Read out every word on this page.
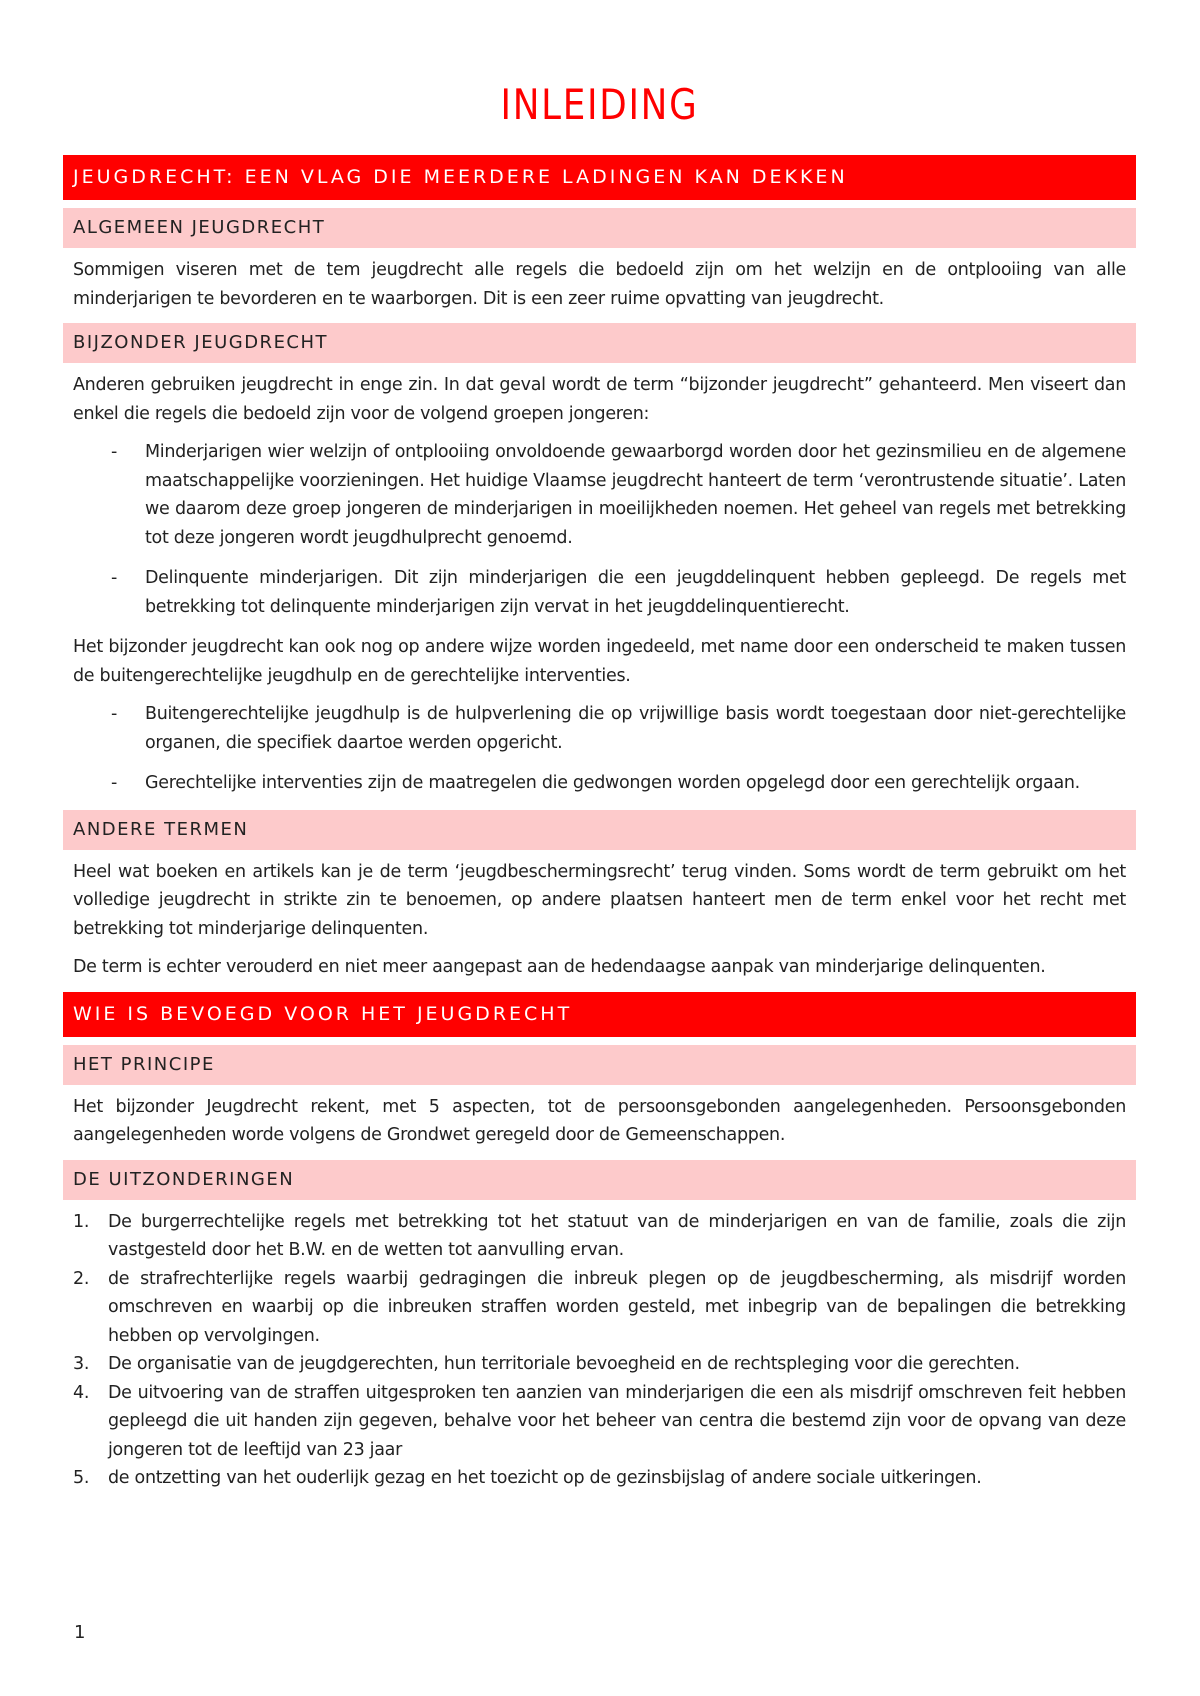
INLEIDING
JEUGDRECHT: EEN VLAG DIE MEERDERE LADINGEN KAN DEKKEN
ALGEMEEN JEUGDRECHT

Sommigen viseren met de tem jeugdrecht alle regels die bedoeld zijn om het welzijn en de ontplooiing van alle minderjarigen te bevorderen en te waarborgen. Dit is een zeer ruime opvatting van jeugdrecht.

BIJZONDER JEUGDRECHT

Anderen gebruiken jeugdrecht in enge zin. In dat geval wordt de term “bijzonder jeugdrecht” gehanteerd. Men viseert dan enkel die regels die bedoeld zijn voor de volgend groepen jongeren:

- Minderjarigen wier welzijn of ontplooiing onvoldoende gewaarborgd worden door het gezinsmilieu en de algemene maatschappelijke voorzieningen. Het huidige Vlaamse jeugdrecht hanteert de term ‘verontrustende situatie’. Laten we daarom deze groep jongeren de minderjarigen in moeilijkheden noemen. Het geheel van regels met betrekking tot deze jongeren wordt jeugdhulprecht genoemd.
- Delinquente minderjarigen. Dit zijn minderjarigen die een jeugddelinquent hebben gepleegd. De regels met betrekking tot delinquente minderjarigen zijn vervat in het jeugddelinquentierecht.

Het bijzonder jeugdrecht kan ook nog op andere wijze worden ingedeeld, met name door een onderscheid te maken tussen de buitengerechtelijke jeugdhulp en de gerechtelijke interventies.

- Buitengerechtelijke jeugdhulp is de hulpverlening die op vrijwillige basis wordt toegestaan door niet-gerechtelijke organen, die specifiek daartoe werden opgericht.
- Gerechtelijke interventies zijn de maatregelen die gedwongen worden opgelegd door een gerechtelijk orgaan.
ANDERE TERMEN

Heel wat boeken en artikels kan je de term ‘jeugdbeschermingsrecht’ terug vinden. Soms wordt de term gebruikt om het volledige jeugdrecht in strikte zin te benoemen, op andere plaatsen hanteert men de term enkel voor het recht met betrekking tot minderjarige delinquenten.

De term is echter verouderd en niet meer aangepast aan de hedendaagse aanpak van minderjarige delinquenten.

WIE IS BEVOEGD VOOR HET JEUGDRECHT
HET PRINCIPE

Het bijzonder Jeugdrecht rekent, met 5 aspecten, tot de persoonsgebonden aangelegenheden. Persoonsgebonden aangelegenheden worde volgens de Grondwet geregeld door de Gemeenschappen.

DE UITZONDERINGEN
1. De burgerrechtelijke regels met betrekking tot het statuut van de minderjarigen en van de familie, zoals die zijn vastgesteld door het B.W. en de wetten tot aanvulling ervan.
2. de strafrechterlijke regels waarbij gedragingen die inbreuk plegen op de jeugdbescherming, als misdrijf worden omschreven en waarbij op die inbreuken straffen worden gesteld, met inbegrip van de bepalingen die betrekking hebben op vervolgingen.
3. De organisatie van de jeugdgerechten, hun territoriale bevoegheid en de rechtspleging voor die gerechten.
4. De uitvoering van de straffen uitgesproken ten aanzien van minderjarigen die een als misdrijf omschreven feit hebben gepleegd die uit handen zijn gegeven, behalve voor het beheer van centra die bestemd zijn voor de opvang van deze jongeren tot de leeftijd van 23 jaar
5. de ontzetting van het ouderlijk gezag en het toezicht op de gezinsbijslag of andere sociale uitkeringen.
1
